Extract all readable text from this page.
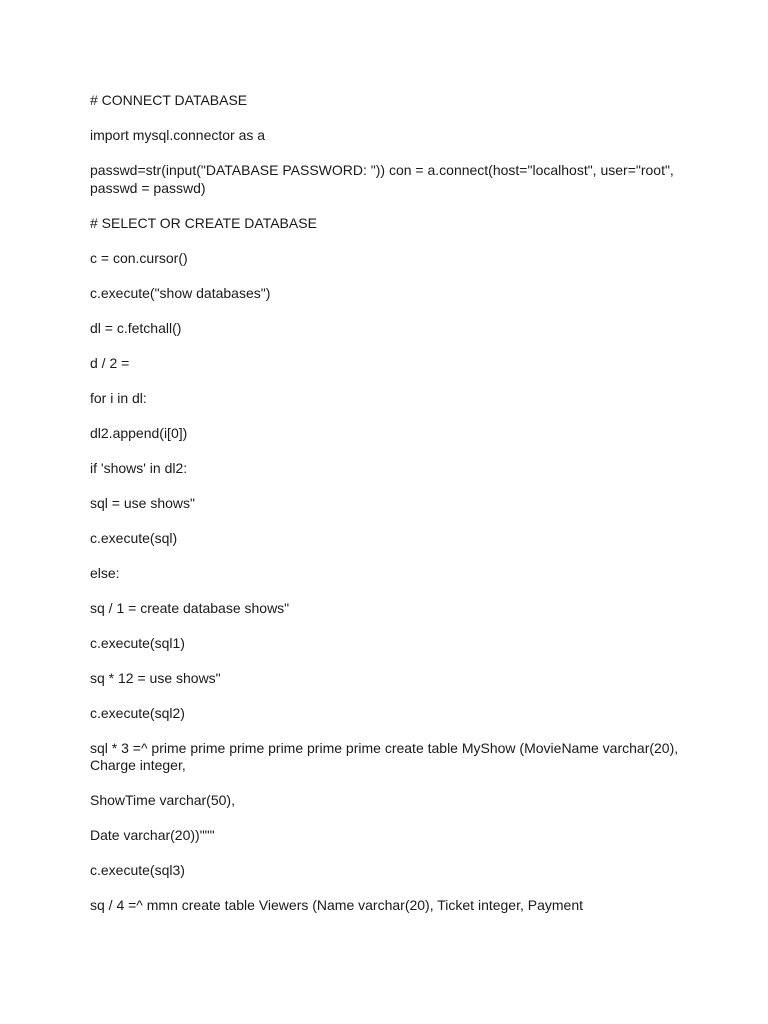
# CONNECT DATABASE

import mysql.connector as a

passwd=str(input("DATABASE PASSWORD: ")) con = a.connect(host="localhost", user="root", passwd = passwd)

# SELECT OR CREATE DATABASE

c = con.cursor()

c.execute("show databases")

dl = c.fetchall()

d / 2 =

for i in dl:

dl2.append(i[0])

if 'shows' in dl2:

sql = use shows"

c.execute(sql)

else:

sq / 1 = create database shows"

c.execute(sql1)

sq * 12 = use shows"

c.execute(sql2)

sql * 3 =^ prime prime prime prime prime prime create table MyShow (MovieName varchar(20), Charge integer,

ShowTime varchar(50),

Date varchar(20))"""

c.execute(sql3)

sq / 4 =^ mmn create table Viewers (Name varchar(20), Ticket integer, Payment
